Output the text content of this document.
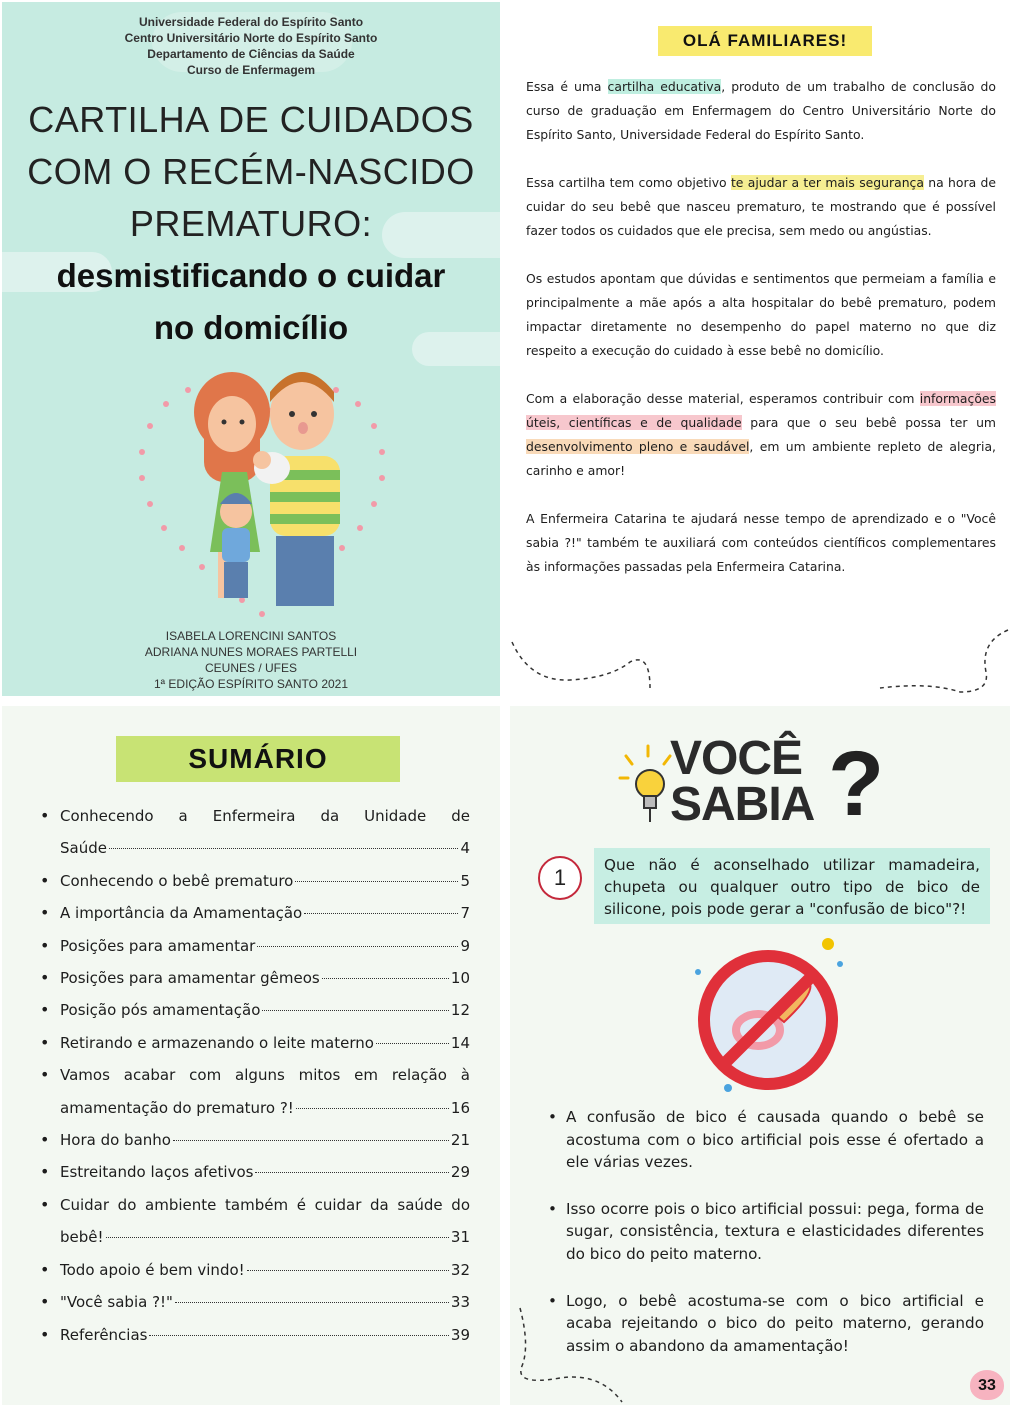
Universidade Federal do Espírito Santo
Centro Universitário Norte do Espírito Santo
Departamento de Ciências da Saúde
Curso de Enfermagem
CARTILHA DE CUIDADOS
COM O RECÉM-NASCIDO
PREMATURO:
desmistificando o cuidar
no domicílio
ISABELA LORENCINI SANTOS
ADRIANA NUNES MORAES PARTELLI
CEUNES / UFES
1ª EDIÇÃO ESPÍRITO SANTO 2021
OLÁ FAMILIARES!

Essa é uma cartilha educativa, produto de um trabalho de conclusão do curso de graduação em Enfermagem do Centro Universitário Norte do Espírito Santo, Universidade Federal do Espírito Santo.

Essa cartilha tem como objetivo te ajudar a ter mais segurança na hora de cuidar do seu bebê que nasceu prematuro, te mostrando que é possível fazer todos os cuidados que ele precisa, sem medo ou angústias.

Os estudos apontam que dúvidas e sentimentos que permeiam a família e principalmente a mãe após a alta hospitalar do bebê prematuro, podem impactar diretamente no desempenho do papel materno no que diz respeito a execução do cuidado à esse bebê no domicílio.

Com a elaboração desse material, esperamos contribuir com informações úteis, científicas e de qualidade para que o seu bebê possa ter um desenvolvimento pleno e saudável, em um ambiente repleto de alegria, carinho e amor!

A Enfermeira Catarina te ajudará nesse tempo de aprendizado e o "Você sabia ?!" também te auxiliará com conteúdos científicos complementares às informações passadas pela Enfermeira Catarina.

SUMÁRIO
• Conhecendo a Enfermeira da Unidade de
Saúde	4
• Conhecendo o bebê prematuro	5
• A importância da Amamentação	7
• Posições para amamentar	9
• Posições para amamentar gêmeos	10
• Posição pós amamentação	12
• Retirando e armazenando o leite materno	14
• Vamos acabar com alguns mitos em relação à
amamentação do prematuro ?!	16
• Hora do banho	21
• Estreitando laços afetivos	29
• Cuidar do ambiente também é cuidar da saúde do
bebê!	31
• Todo apoio é bem vindo!	32
• "Você sabia ?!"	33
• Referências	39
VOCÊ
SABIA ?
1	Que não é aconselhado utilizar mamadeira, chupeta ou qualquer outro tipo de bico de silicone, pois pode gerar a "confusão de bico"?!
• A confusão de bico é causada quando o bebê se acostuma com o bico artificial pois esse é ofertado a ele várias vezes.
• Isso ocorre pois o bico artificial possui: pega, forma de sugar, consistência, textura e elasticidades diferentes do bico do peito materno.
• Logo, o bebê acostuma-se com o bico artificial e acaba rejeitando o bico do peito materno, gerando assim o abandono da amamentação!
33
